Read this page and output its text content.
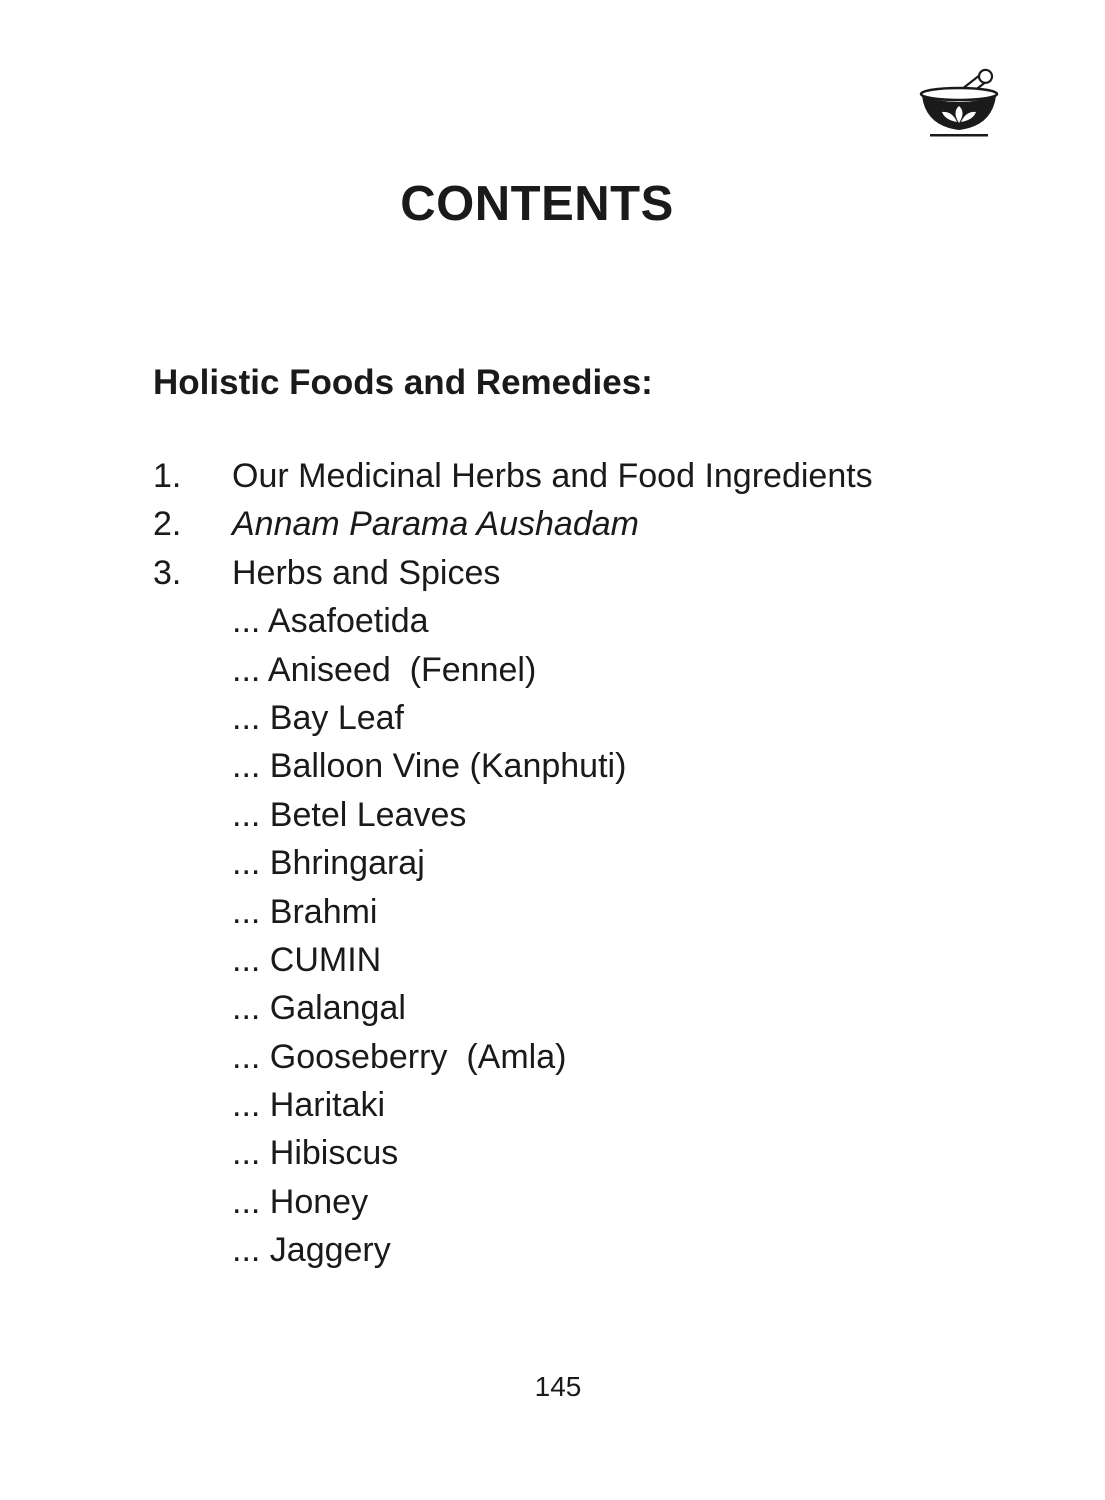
CONTENTS
Holistic Foods and Remedies:
1.	Our Medicinal Herbs and Food Ingredients
2.	Annam Parama Aushadam
3.	Herbs and Spices
... Asafoetida
... Aniseed  (Fennel)
... Bay Leaf
... Balloon Vine (Kanphuti)
... Betel Leaves
... Bhringaraj
... Brahmi
... CUMIN
... Galangal
... Gooseberry  (Amla)
... Haritaki
... Hibiscus
... Honey
... Jaggery
145
